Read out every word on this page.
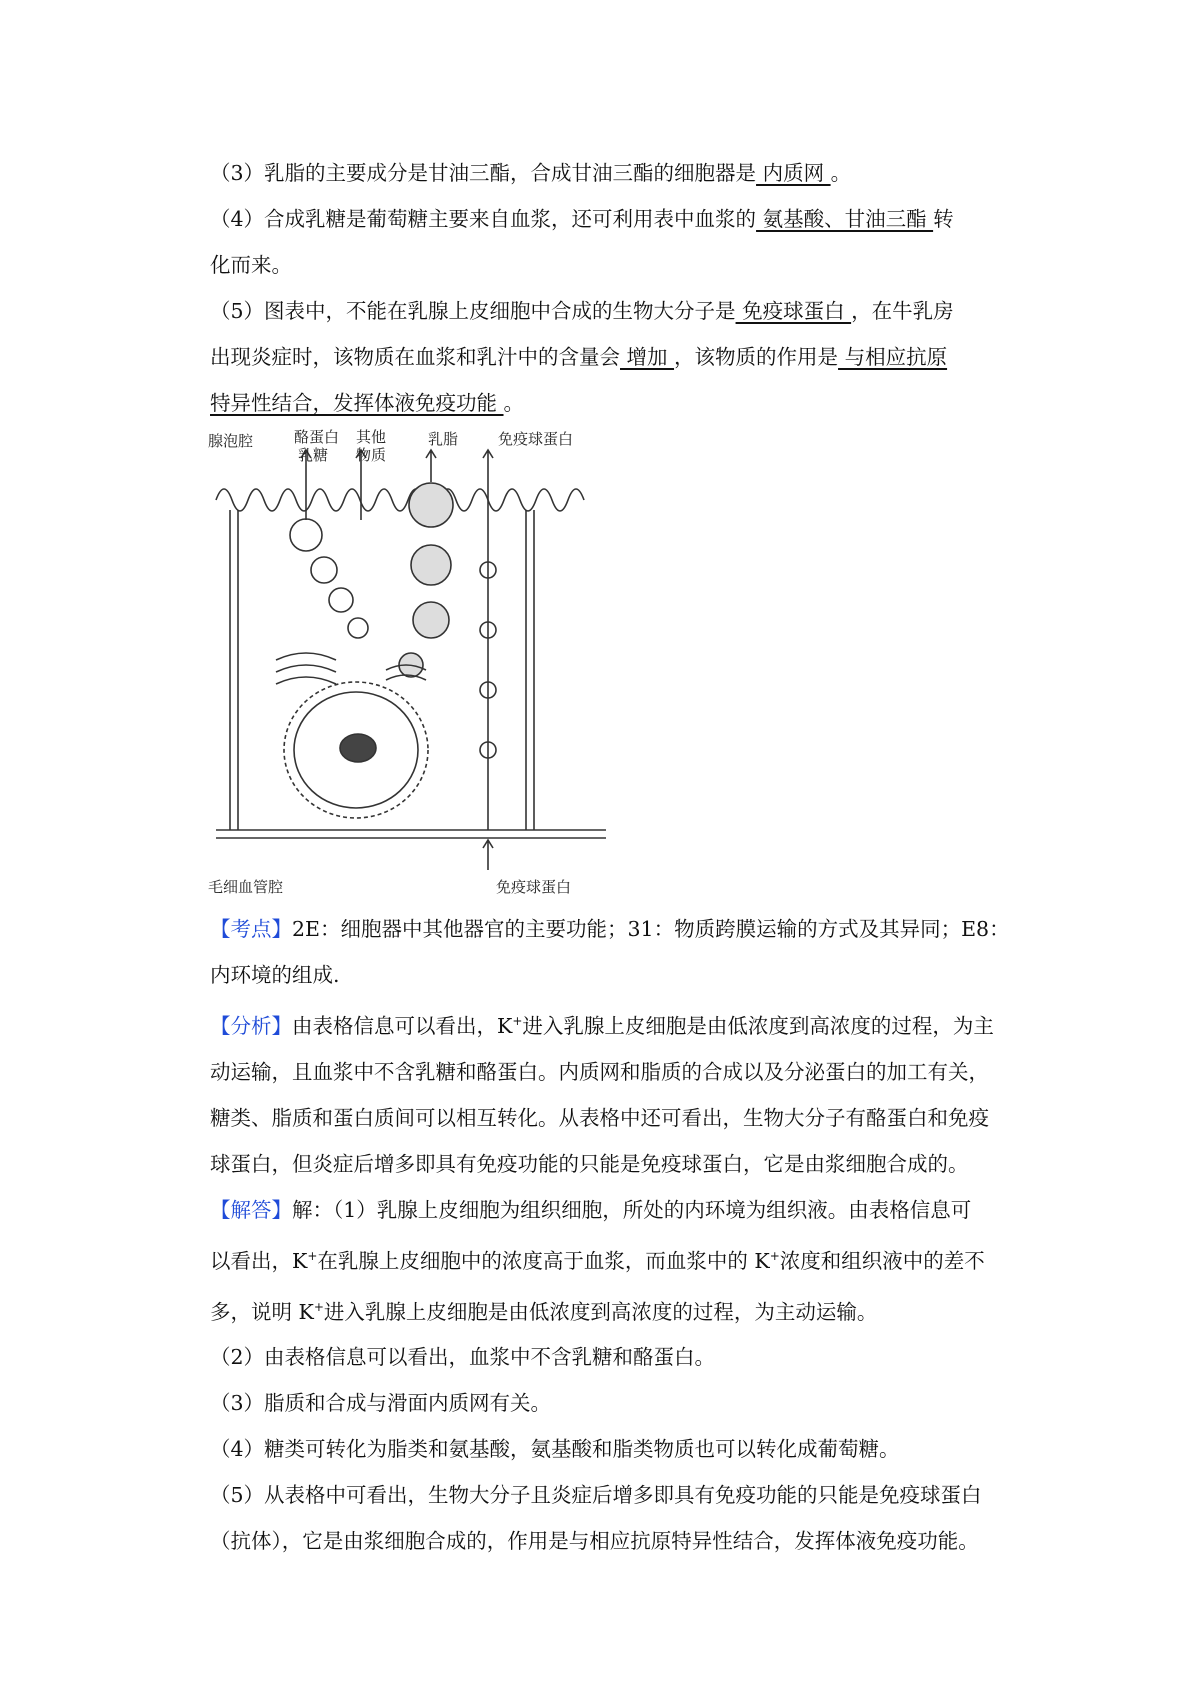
（3）乳脂的主要成分是甘油三酯，合成甘油三酯的细胞器是 内质网 。

（4）合成乳糖是葡萄糖主要来自血浆，还可利用表中血浆的 氨基酸、甘油三酯 转

化而来。

（5）图表中，不能在乳腺上皮细胞中合成的生物大分子是 免疫球蛋白 ，在牛乳房

出现炎症时，该物质在血浆和乳汁中的含量会 增加 ，该物质的作用是 与相应抗原

特异性结合，发挥体液免疫功能 。

腺泡腔	酪蛋白
乳糖
其他
物质
乳脂	免疫球蛋白
毛细血管腔	免疫球蛋白

【考点】2E：细胞器中其他器官的主要功能；31：物质跨膜运输的方式及其异同；E8：

内环境的组成.

【分析】由表格信息可以看出，K+进入乳腺上皮细胞是由低浓度到高浓度的过程，为主

动运输，且血浆中不含乳糖和酪蛋白。内质网和脂质的合成以及分泌蛋白的加工有关，

糖类、脂质和蛋白质间可以相互转化。从表格中还可看出，生物大分子有酪蛋白和免疫

球蛋白，但炎症后增多即具有免疫功能的只能是免疫球蛋白，它是由浆细胞合成的。

【解答】解：（1）乳腺上皮细胞为组织细胞，所处的内环境为组织液。由表格信息可

以看出，K+在乳腺上皮细胞中的浓度高于血浆，而血浆中的 K+浓度和组织液中的差不

多，说明 K+进入乳腺上皮细胞是由低浓度到高浓度的过程，为主动运输。

（2）由表格信息可以看出，血浆中不含乳糖和酪蛋白。

（3）脂质和合成与滑面内质网有关。

（4）糖类可转化为脂类和氨基酸，氨基酸和脂类物质也可以转化成葡萄糖。

（5）从表格中可看出，生物大分子且炎症后增多即具有免疫功能的只能是免疫球蛋白

（抗体），它是由浆细胞合成的，作用是与相应抗原特异性结合，发挥体液免疫功能。
